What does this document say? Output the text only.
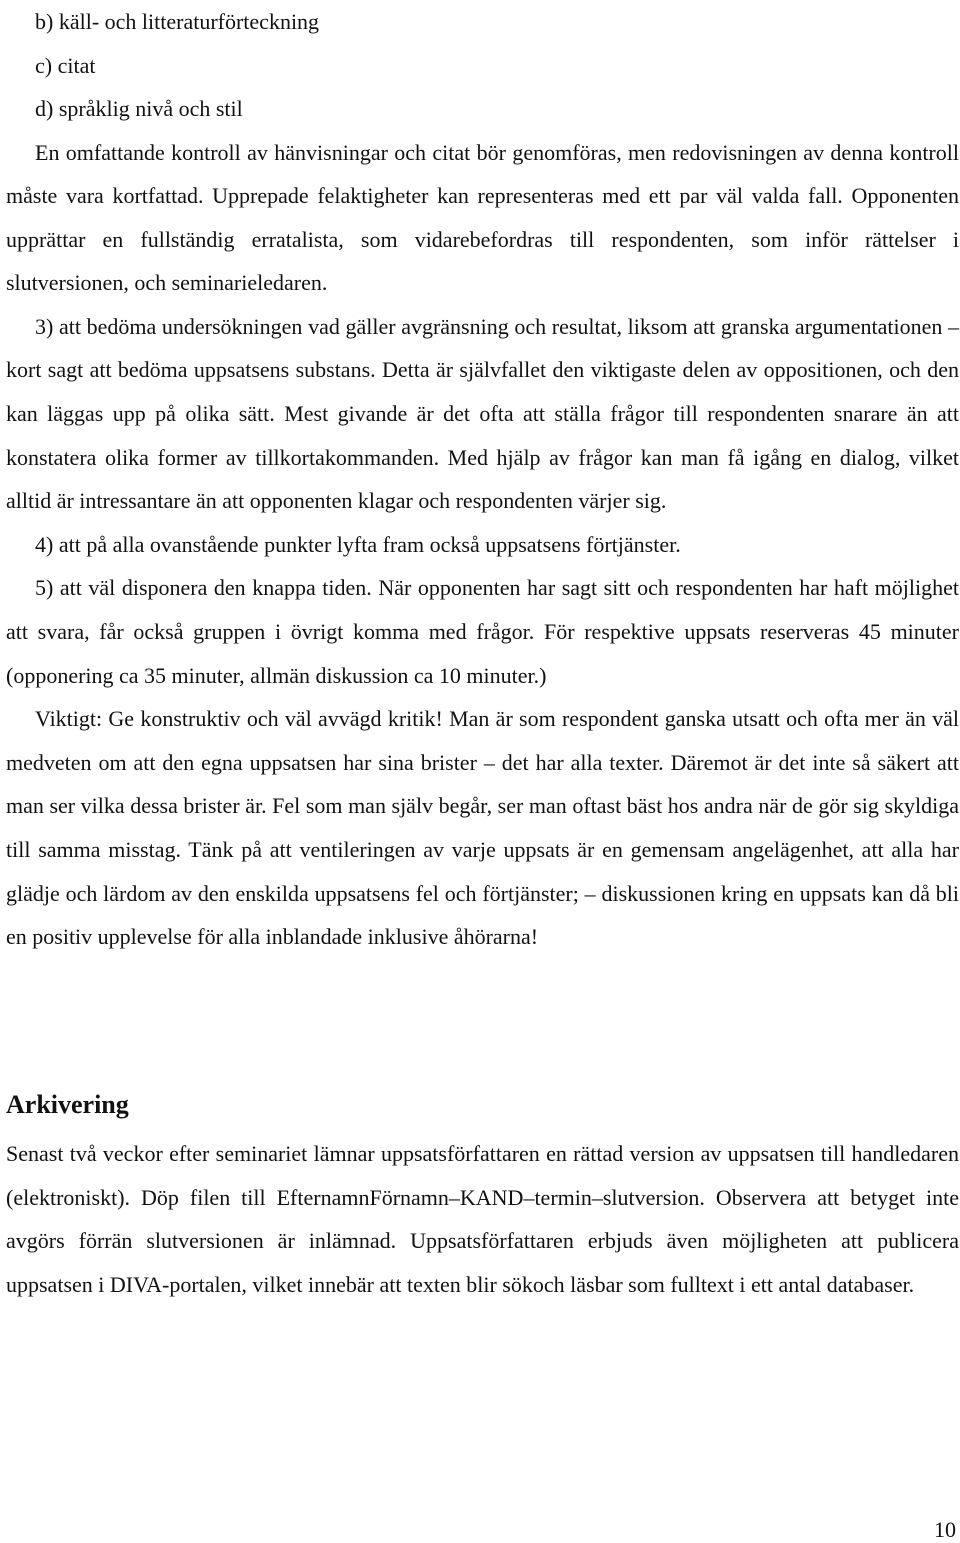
b) käll- och litteraturförteckning

c) citat

d) språklig nivå och stil

En omfattande kontroll av hänvisningar och citat bör genomföras, men redovisningen av denna kontroll måste vara kortfattad. Upprepade felaktigheter kan representeras med ett par väl valda fall. Opponenten upprättar en fullständig erratalista, som vidarebefordras till respondenten, som inför rättelser i slutversionen, och seminarieledaren.

3) att bedöma undersökningen vad gäller avgränsning och resultat, liksom att granska argumentationen – kort sagt att bedöma uppsatsens substans. Detta är självfallet den viktigaste delen av oppositionen, och den kan läggas upp på olika sätt. Mest givande är det ofta att ställa frågor till respondenten snarare än att konstatera olika former av tillkortakommanden. Med hjälp av frågor kan man få igång en dialog, vilket alltid är intressantare än att opponenten klagar och respondenten värjer sig.

4) att på alla ovanstående punkter lyfta fram också uppsatsens förtjänster.

5) att väl disponera den knappa tiden. När opponenten har sagt sitt och respondenten har haft möjlighet att svara, får också gruppen i övrigt komma med frågor. För respektive uppsats reserveras 45 minuter (opponering ca 35 minuter, allmän diskussion ca 10 minuter.)

Viktigt: Ge konstruktiv och väl avvägd kritik! Man är som respondent ganska utsatt och ofta mer än väl medveten om att den egna uppsatsen har sina brister – det har alla texter. Däremot är det inte så säkert att man ser vilka dessa brister är. Fel som man själv begår, ser man oftast bäst hos andra när de gör sig skyldiga till samma misstag. Tänk på att ventileringen av varje uppsats är en gemensam angelägenhet, att alla har glädje och lärdom av den enskilda uppsatsens fel och förtjänster; – diskussionen kring en uppsats kan då bli en positiv upplevelse för alla inblandade inklusive åhörarna!

Arkivering

Senast två veckor efter seminariet lämnar uppsatsförfattaren en rättad version av uppsatsen till handledaren (elektroniskt). Döp filen till EfternamnFörnamn–KAND–termin–slutversion. Observera att betyget inte avgörs förrän slutversionen är inlämnad. Uppsatsförfattaren erbjuds även möjligheten att publicera uppsatsen i DIVA-portalen, vilket innebär att texten blir sökoch läsbar som fulltext i ett antal databaser.

10
